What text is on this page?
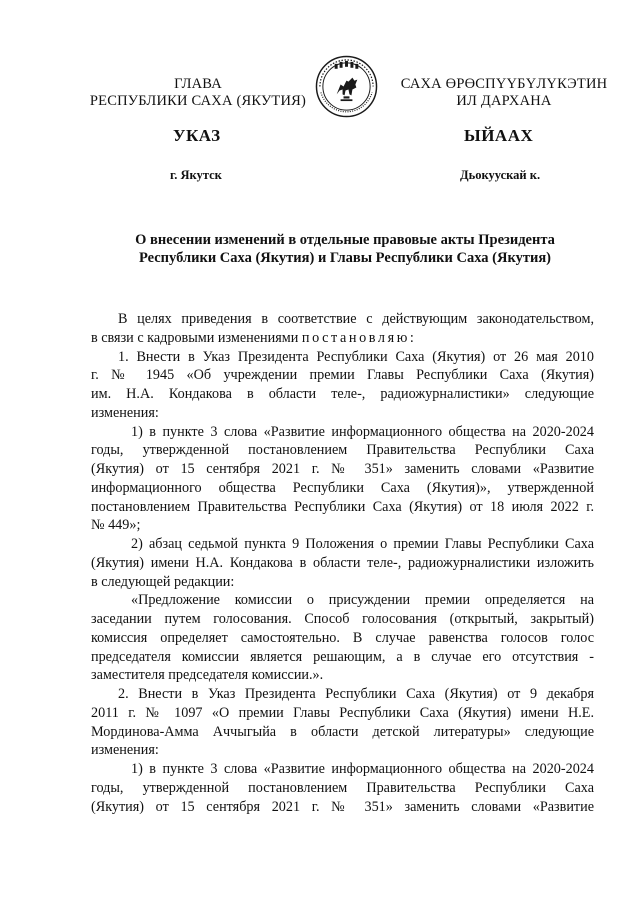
ГЛАВА
РЕСПУБЛИКИ САХА (ЯКУТИЯ)
САХА ӨРӨСПҮҮБҮЛҮКЭТИН
ИЛ ДАРХАНА
УКАЗ	ЫЙААХ
г. Якутск	Дьокуускай к.
О внесении изменений в отдельные правовые акты Президента
Республики Саха (Якутия) и Главы Республики Саха (Якутия)
В целях приведения в соответствие с действующим законодательством,
в связи с кадровыми изменениями постановляю:
1. Внести в Указ Президента Республики Саха (Якутия) от 26 мая 2010
г. № 1945 «Об учреждении премии Главы Республики Саха (Якутия)
им. Н.А. Кондакова в области теле-, радиожурналистики» следующие
изменения:
1) в пункте 3 слова «Развитие информационного общества на 2020-2024
годы, утвержденной постановлением Правительства Республики Саха
(Якутия) от 15 сентября 2021 г. № 351» заменить словами «Развитие
информационного общества Республики Саха (Якутия)», утвержденной
постановлением Правительства Республики Саха (Якутия) от 18 июля 2022 г.
№ 449»;
2) абзац седьмой пункта 9 Положения о премии Главы Республики Саха
(Якутия) имени Н.А. Кондакова в области теле-, радиожурналистики изложить
в следующей редакции:
«Предложение комиссии о присуждении премии определяется на
заседании путем голосования. Способ голосования (открытый, закрытый)
комиссия определяет самостоятельно. В случае равенства голосов голос
председателя комиссии является решающим, а в случае его отсутствия -
заместителя председателя комиссии.».
2. Внести в Указ Президента Республики Саха (Якутия) от 9 декабря
2011 г. № 1097 «О премии Главы Республики Саха (Якутия) имени Н.Е.
Мординова-Амма Аччыгыйа в области детской литературы» следующие
изменения:
1) в пункте 3 слова «Развитие информационного общества на 2020-2024
годы, утвержденной постановлением Правительства Республики Саха
(Якутия) от 15 сентября 2021 г. № 351» заменить словами «Развитие
